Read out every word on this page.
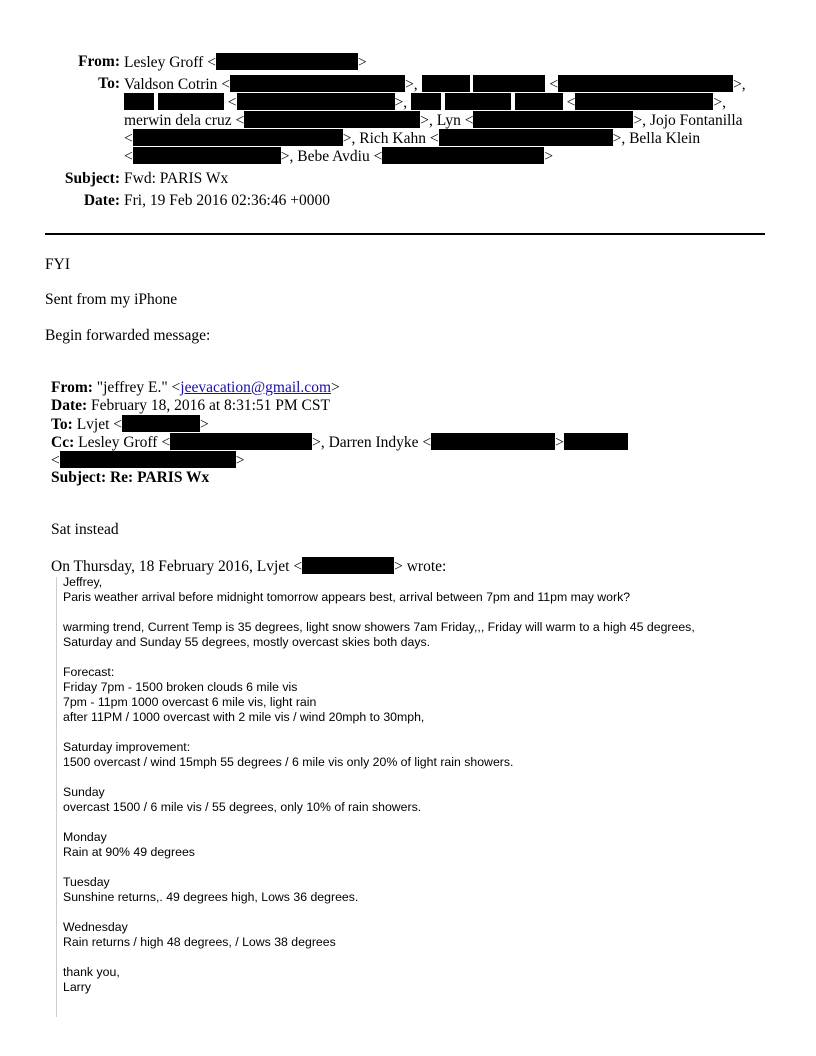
From: Lesley Groff <	>
To: Valdson Cotrin <	>,	<	>,
<	>,	<	>,
merwin dela cruz <	>, Lyn <	>, Jojo Fontanilla
<	>, Rich Kahn <	>, Bella Klein
<	>, Bebe Avdiu <	>
Subject: Fwd: PARIS Wx
Date: Fri, 19 Feb 2016 02:36:46 +0000
FYI
Sent from my iPhone
Begin forwarded message:
From: "jeffrey E." <jeevacation@gmail.com>
Date: February 18, 2016 at 8:31:51 PM CST
To: Lvjet <	>
Cc: Lesley Groff <	>, Darren Indyke <	>
<	>
Subject: Re: PARIS Wx
Sat instead
On Thursday, 18 February 2016, Lvjet <	> wrote:
Jeffrey,
Paris weather arrival before midnight tomorrow appears best, arrival between 7pm and 11pm may work?
warming trend, Current Temp is 35 degrees, light snow showers 7am Friday,,, Friday will warm to a high 45 degrees,
Saturday and Sunday 55 degrees, mostly overcast skies both days.
Forecast:
Friday 7pm - 1500 broken clouds 6 mile vis
7pm - 11pm 1000 overcast 6 mile vis, light rain
after 11PM / 1000 overcast with 2 mile vis / wind 20mph to 30mph,
Saturday improvement:
1500 overcast / wind 15mph 55 degrees / 6 mile vis only 20% of light rain showers.
Sunday
overcast 1500 / 6 mile vis / 55 degrees, only 10% of rain showers.
Monday
Rain at 90% 49 degrees
Tuesday
Sunshine returns,. 49 degrees high, Lows 36 degrees.
Wednesday
Rain returns / high 48 degrees, / Lows 38 degrees
thank you,
Larry
